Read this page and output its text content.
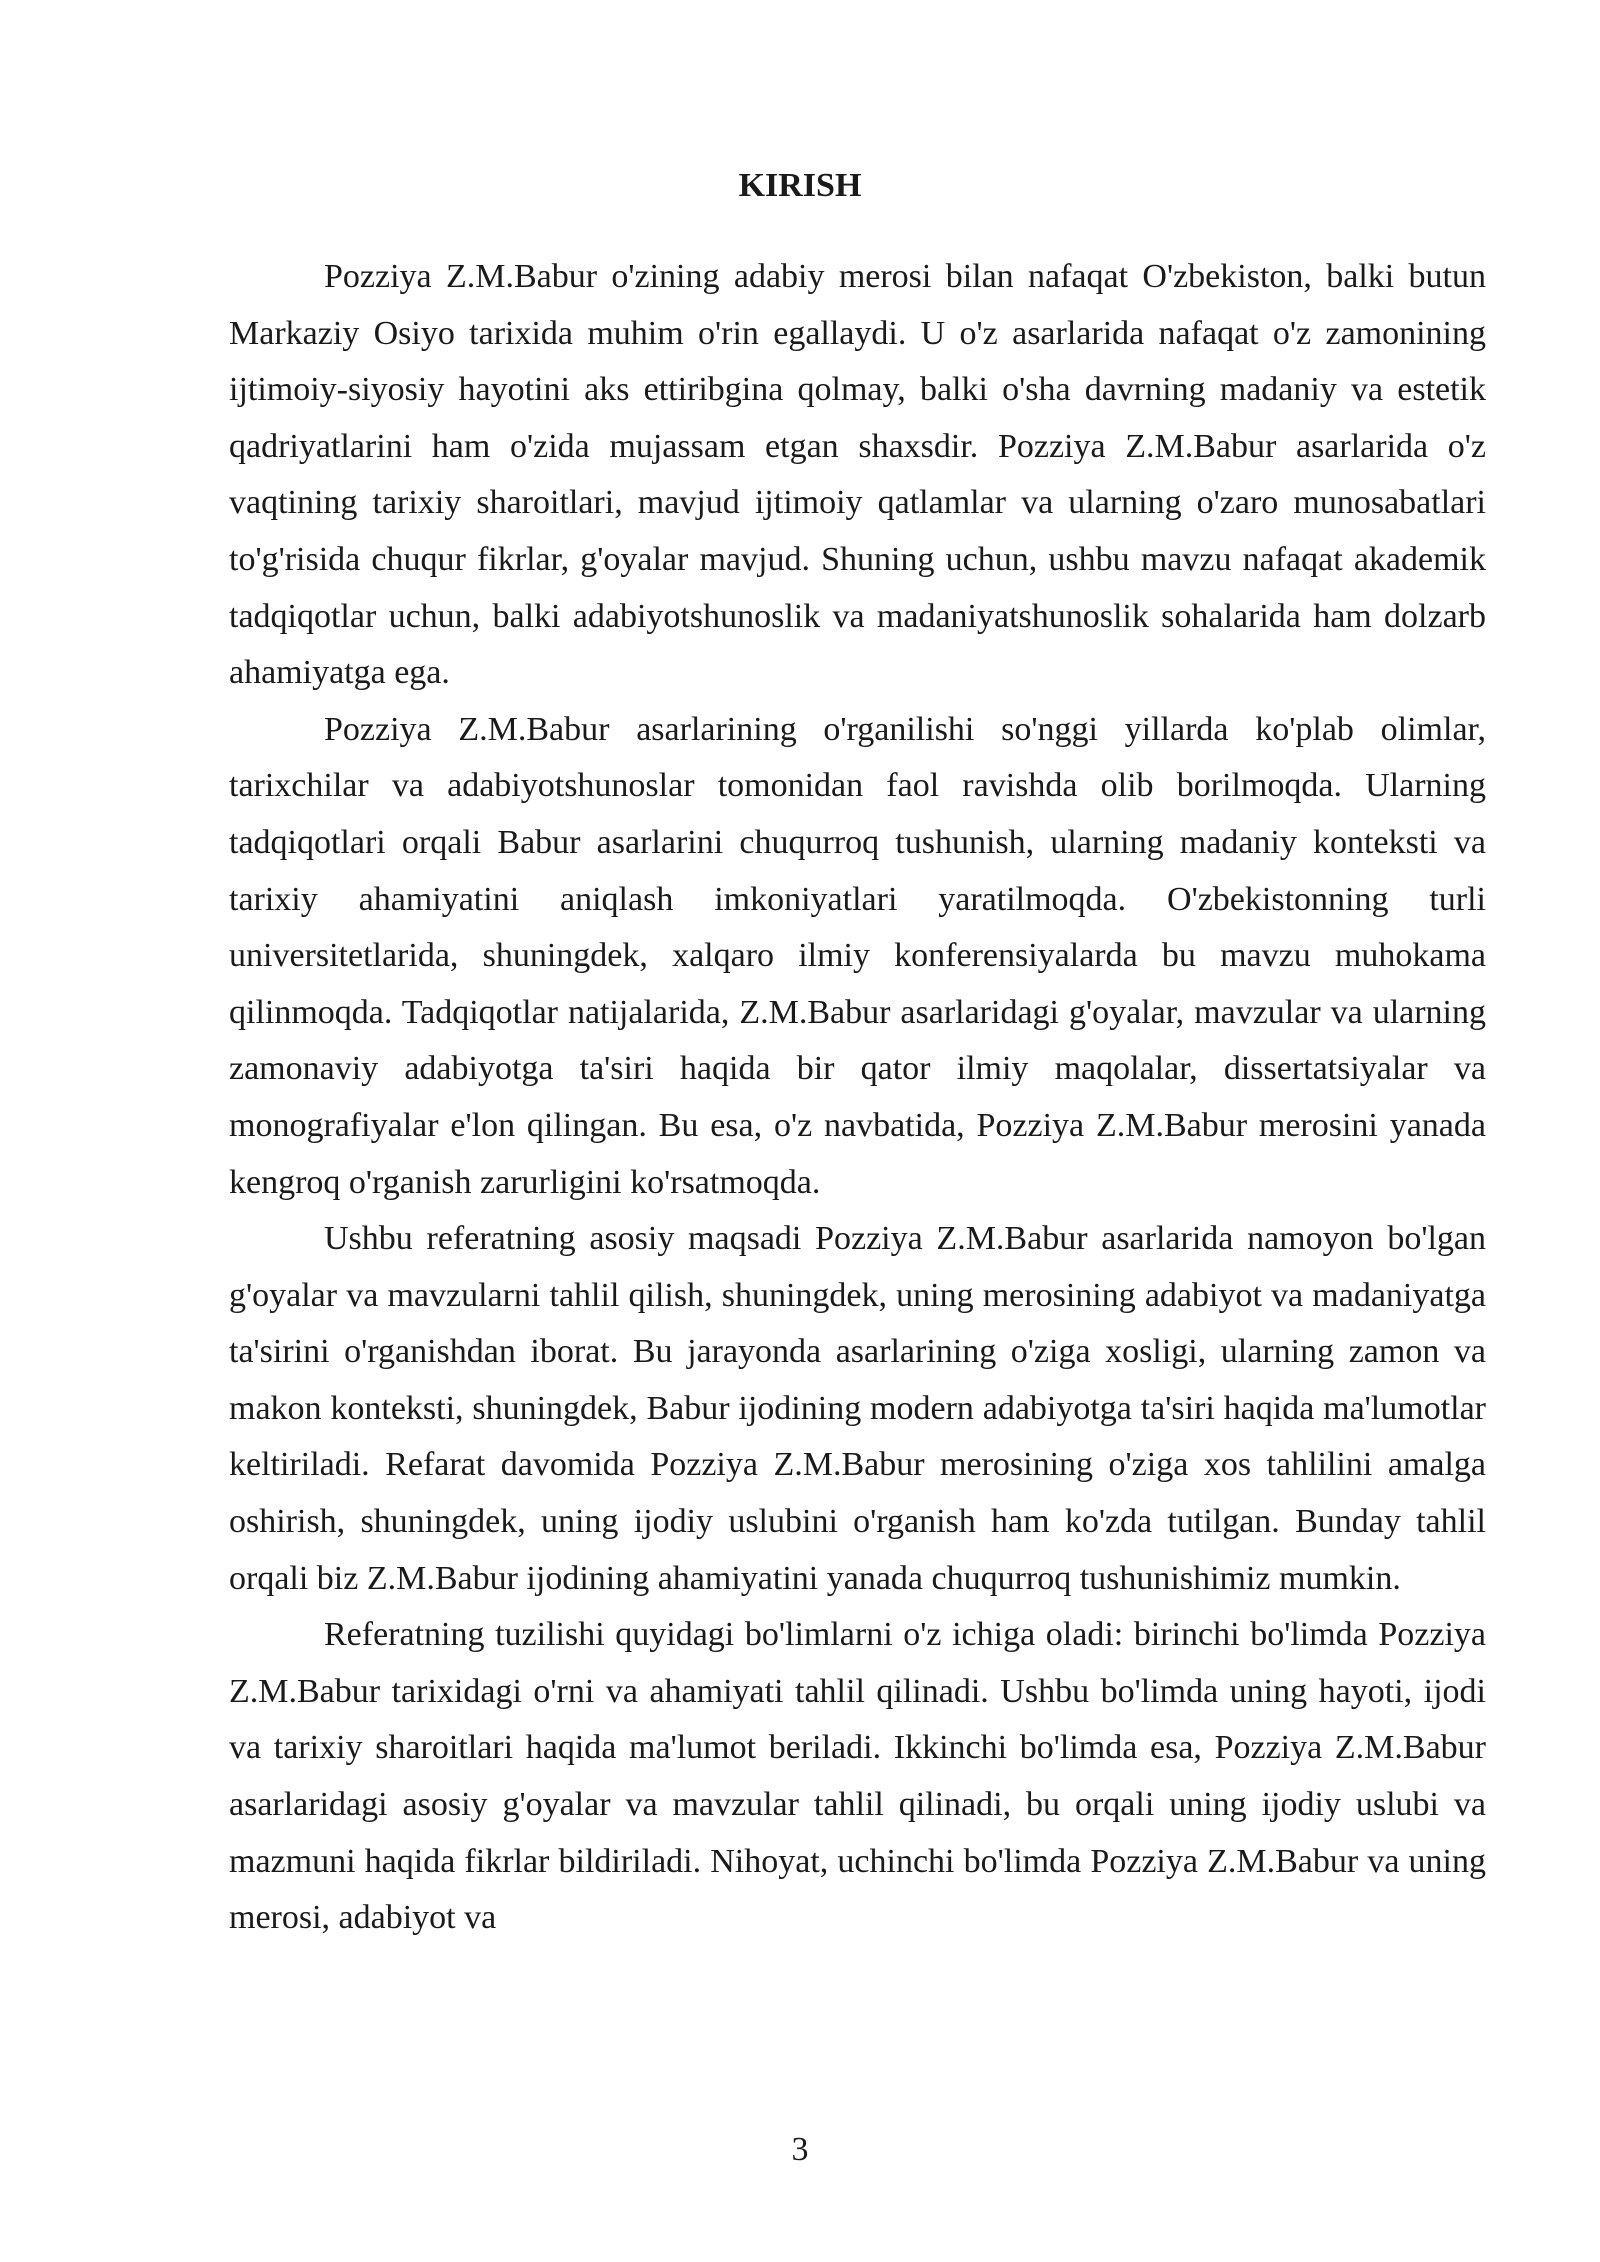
KIRISH

Pozziya Z.M.Babur o'zining adabiy merosi bilan nafaqat O'zbekiston, balki butun Markaziy Osiyo tarixida muhim o'rin egallaydi. U o'z asarlarida nafaqat o'z zamonining ijtimoiy-siyosiy hayotini aks ettiribgina qolmay, balki o'sha davrning madaniy va estetik qadriyatlarini ham o'zida mujassam etgan shaxsdir. Pozziya Z.M.Babur asarlarida o'z vaqtining tarixiy sharoitlari, mavjud ijtimoiy qatlamlar va ularning o'zaro munosabatlari to'g'risida chuqur fikrlar, g'oyalar mavjud. Shuning uchun, ushbu mavzu nafaqat akademik tadqiqotlar uchun, balki adabiyotshunoslik va madaniyatshunoslik sohalarida ham dolzarb ahamiyatga ega.

Pozziya Z.M.Babur asarlarining o'rganilishi so'nggi yillarda ko'plab olimlar, tarixchilar va adabiyotshunoslar tomonidan faol ravishda olib borilmoqda. Ularning tadqiqotlari orqali Babur asarlarini chuqurroq tushunish, ularning madaniy konteksti va tarixiy ahamiyatini aniqlash imkoniyatlari yaratilmoqda. O'zbekistonning turli universitetlarida, shuningdek, xalqaro ilmiy konferensiyalarda bu mavzu muhokama qilinmoqda. Tadqiqotlar natijalarida, Z.M.Babur asarlaridagi g'oyalar, mavzular va ularning zamonaviy adabiyotga ta'siri haqida bir qator ilmiy maqolalar, dissertatsiyalar va monografiyalar e'lon qilingan. Bu esa, o'z navbatida, Pozziya Z.M.Babur merosini yanada kengroq o'rganish zarurligini ko'rsatmoqda.

Ushbu referatning asosiy maqsadi Pozziya Z.M.Babur asarlarida namoyon bo'lgan g'oyalar va mavzularni tahlil qilish, shuningdek, uning merosining adabiyot va madaniyatga ta'sirini o'rganishdan iborat. Bu jarayonda asarlarining o'ziga xosligi, ularning zamon va makon konteksti, shuningdek, Babur ijodining modern adabiyotga ta'siri haqida ma'lumotlar keltiriladi. Refarat davomida Pozziya Z.M.Babur merosining o'ziga xos tahlilini amalga oshirish, shuningdek, uning ijodiy uslubini o'rganish ham ko'zda tutilgan. Bunday tahlil orqali biz Z.M.Babur ijodining ahamiyatini yanada chuqurroq tushunishimiz mumkin.

Referatning tuzilishi quyidagi bo'limlarni o'z ichiga oladi: birinchi bo'limda Pozziya Z.M.Babur tarixidagi o'rni va ahamiyati tahlil qilinadi. Ushbu bo'limda uning hayoti, ijodi va tarixiy sharoitlari haqida ma'lumot beriladi. Ikkinchi bo'limda esa, Pozziya Z.M.Babur asarlaridagi asosiy g'oyalar va mavzular tahlil qilinadi, bu orqali uning ijodiy uslubi va mazmuni haqida fikrlar bildiriladi. Nihoyat, uchinchi bo'limda Pozziya Z.M.Babur va uning merosi, adabiyot va

3
